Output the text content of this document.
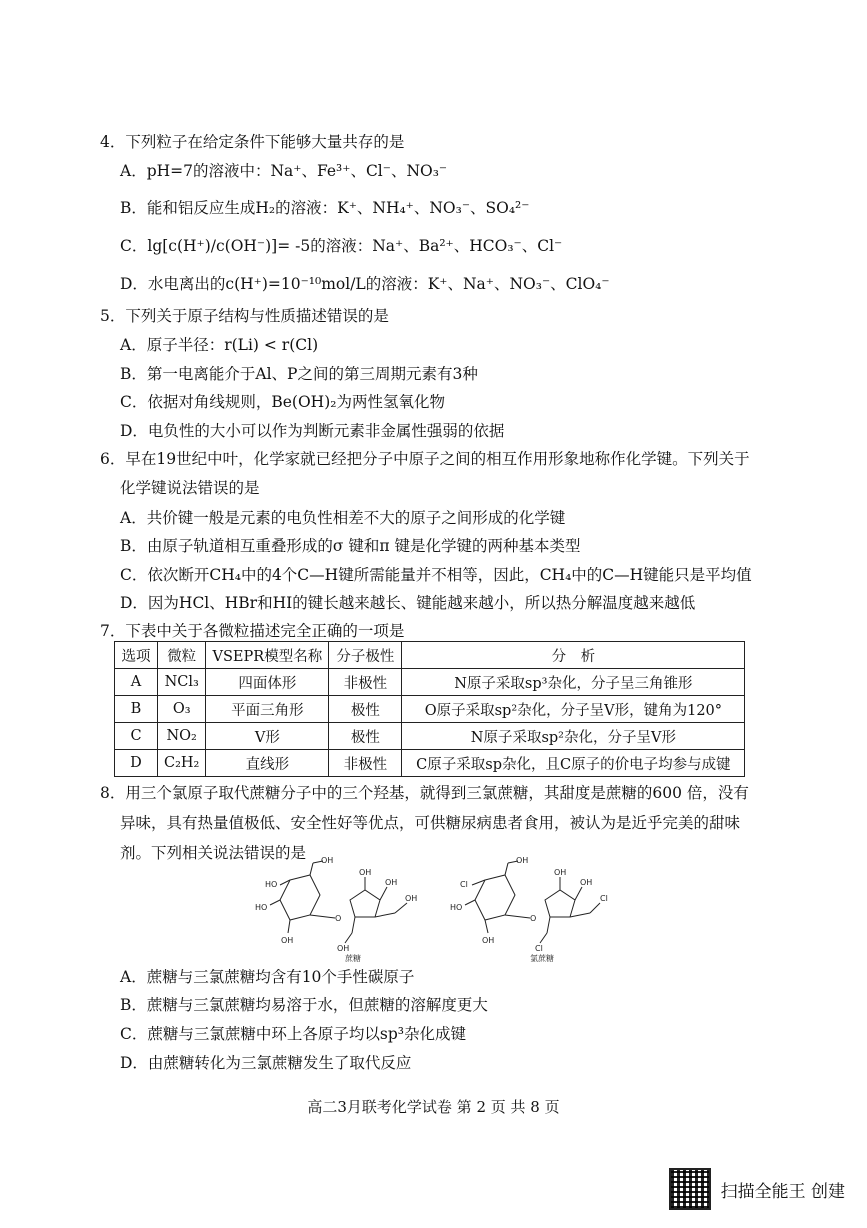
4．下列粒子在给定条件下能够大量共存的是
A．pH=7的溶液中：Na⁺、Fe³⁺、Cl⁻、NO₃⁻
B．能和铝反应生成H₂的溶液：K⁺、NH₄⁺、NO₃⁻、SO₄²⁻
C．lg[c(H⁺)/c(OH⁻)]= -5的溶液：Na⁺、Ba²⁺、HCO₃⁻、Cl⁻
D．水电离出的c(H⁺)=10⁻¹⁰mol/L的溶液：K⁺、Na⁺、NO₃⁻、ClO₄⁻
5．下列关于原子结构与性质描述错误的是
A．原子半径：r(Li) < r(Cl)
B．第一电离能介于Al、P之间的第三周期元素有3种
C．依据对角线规则，Be(OH)₂为两性氢氧化物
D．电负性的大小可以作为判断元素非金属性强弱的依据
6．早在19世纪中叶，化学家就已经把分子中原子之间的相互作用形象地称作化学键。下列关于
化学键说法错误的是
A．共价键一般是元素的电负性相差不大的原子之间形成的化学键
B．由原子轨道相互重叠形成的σ 键和π 键是化学键的两种基本类型
C．依次断开CH₄中的4个C—H键所需能量并不相等，因此，CH₄中的C—H键能只是平均值
D．因为HCl、HBr和HI的键长越来越长、键能越来越小，所以热分解温度越来越低
7．下表中关于各微粒描述完全正确的一项是
选项	微粒	VSEPR模型名称	分子极性	分　析
A	NCl₃	四面体形	非极性	N原子采取sp³杂化，分子呈三角锥形
B	O₃	平面三角形	极性	O原子采取sp²杂化，分子呈V形，键角为120°
C	NO₂	V形	极性	N原子采取sp²杂化，分子呈V形
D	C₂H₂	直线形	非极性	C原子采取sp杂化，且C原子的价电子均参与成键
8．用三个氯原子取代蔗糖分子中的三个羟基，就得到三氯蔗糖，其甜度是蔗糖的600 倍，没有
异味，具有热量值极低、安全性好等优点，可供糖尿病患者食用，被认为是近乎完美的甜味
剂。下列相关说法错误的是 OH
HO
HO
OH
O
OH
OH
OH
OH
蔗糖
OH
Cl
HO
OH
O
OH
OH
Cl
Cl
氯蔗糖
A．蔗糖与三氯蔗糖均含有10个手性碳原子
B．蔗糖与三氯蔗糖均易溶于水，但蔗糖的溶解度更大
C．蔗糖与三氯蔗糖中环上各原子均以sp³杂化成键
D．由蔗糖转化为三氯蔗糖发生了取代反应
高二3月联考化学试卷 第 2 页 共 8 页
扫描全能王 创建
